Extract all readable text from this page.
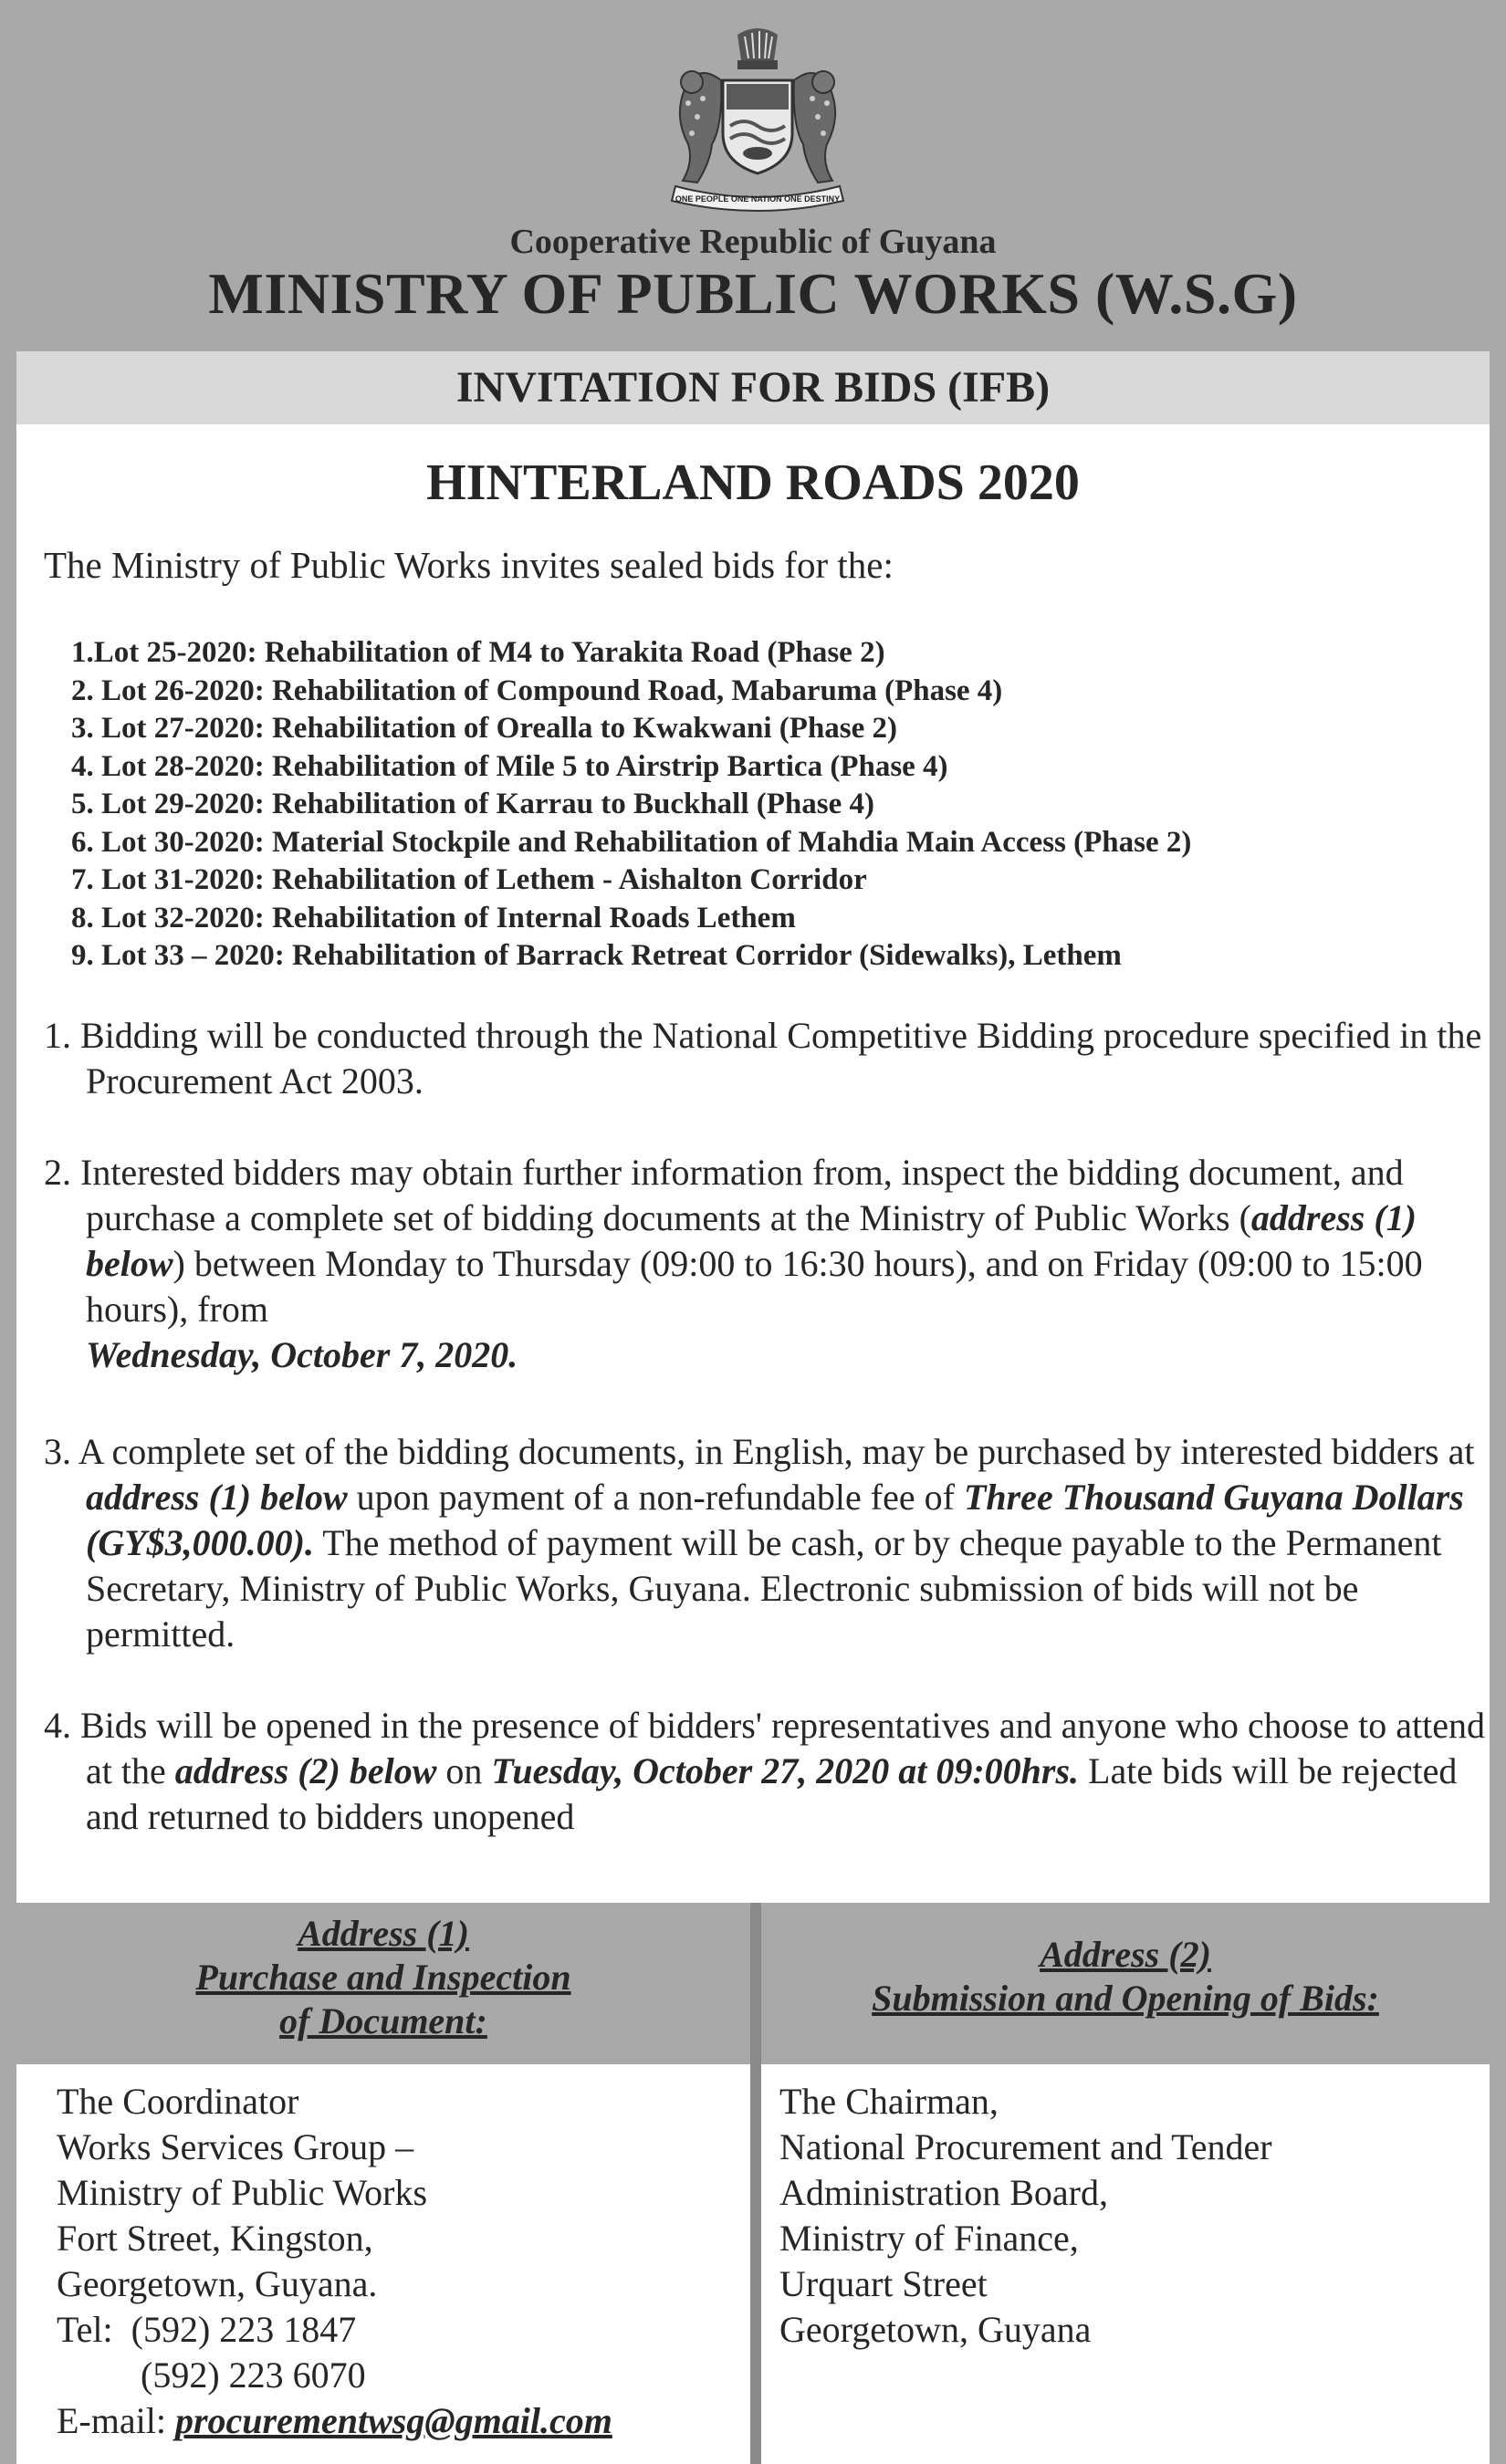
ONE PEOPLE ONE NATION ONE DESTINY
Cooperative Republic of Guyana
MINISTRY OF PUBLIC WORKS (W.S.G)
INVITATION FOR BIDS (IFB)
HINTERLAND ROADS 2020
The Ministry of Public Works invites sealed bids for the:
1.Lot 25-2020: Rehabilitation of M4 to Yarakita Road (Phase 2)
2. Lot 26-2020: Rehabilitation of Compound Road, Mabaruma (Phase 4)
3. Lot 27-2020: Rehabilitation of Orealla to Kwakwani (Phase 2)
4. Lot 28-2020: Rehabilitation of Mile 5 to Airstrip Bartica (Phase 4)
5. Lot 29-2020: Rehabilitation of Karrau to Buckhall (Phase 4)
6. Lot 30-2020: Material Stockpile and Rehabilitation of Mahdia Main Access (Phase 2)
7. Lot 31-2020: Rehabilitation of Lethem - Aishalton Corridor
8. Lot 32-2020: Rehabilitation of Internal Roads Lethem
9. Lot 33 – 2020: Rehabilitation of Barrack Retreat Corridor (Sidewalks), Lethem
1. Bidding will be conducted through the National Competitive Bidding procedure specified in the Procurement Act 2003.
2. Interested bidders may obtain further information from, inspect the bidding document, and purchase a complete set of bidding documents at the Ministry of Public Works (address (1) below) between Monday to Thursday (09:00 to 16:30 hours), and on Friday (09:00 to 15:00 hours), from
Wednesday, October 7, 2020.
3. A complete set of the bidding documents, in English, may be purchased by interested bidders at address (1) below upon payment of a non-refundable fee of Three Thousand Guyana Dollars (GY$3,000.00). The method of payment will be cash, or by cheque payable to the Permanent Secretary, Ministry of Public Works, Guyana. Electronic submission of bids will not be permitted.
4. Bids will be opened in the presence of bidders' representatives and anyone who choose to attend at the address (2) below on Tuesday, October 27, 2020 at 09:00hrs. Late bids will be rejected and returned to bidders unopened
Address (1)
Purchase and Inspection
of Document:
Address (2)
Submission and Opening of Bids:
The Coordinator
Works Services Group –
Ministry of Public Works
Fort Street, Kingston,
Georgetown, Guyana.
Tel: (592) 223 1847
(592) 223 6070
E-mail: procurementwsg@gmail.com
The Chairman,
National Procurement and Tender
Administration Board,
Ministry of Finance,
Urquart Street
Georgetown, Guyana
